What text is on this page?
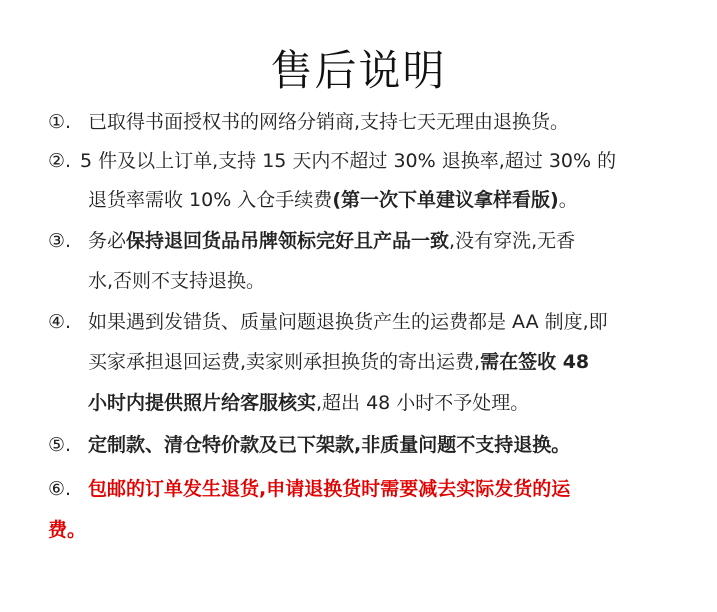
售后说明
①. 已取得书面授权书的网络分销商,支持七天无理由退换货。
②. 5 件及以上订单,支持 15 天内不超过 30% 退换率,超过 30% 的
退货率需收 10% 入仓手续费(第一次下单建议拿样看版)。
③. 务必保持退回货品吊牌领标完好且产品一致,没有穿洗,无香
水,否则不支持退换。
④. 如果遇到发错货、质量问题退换货产生的运费都是 AA 制度,即
买家承担退回运费,卖家则承担换货的寄出运费,需在签收 48
小时内提供照片给客服核实,超出 48 小时不予处理。
⑤. 定制款、清仓特价款及已下架款,非质量问题不支持退换。
⑥. 包邮的订单发生退货,申请退换货时需要减去实际发货的运
费。
